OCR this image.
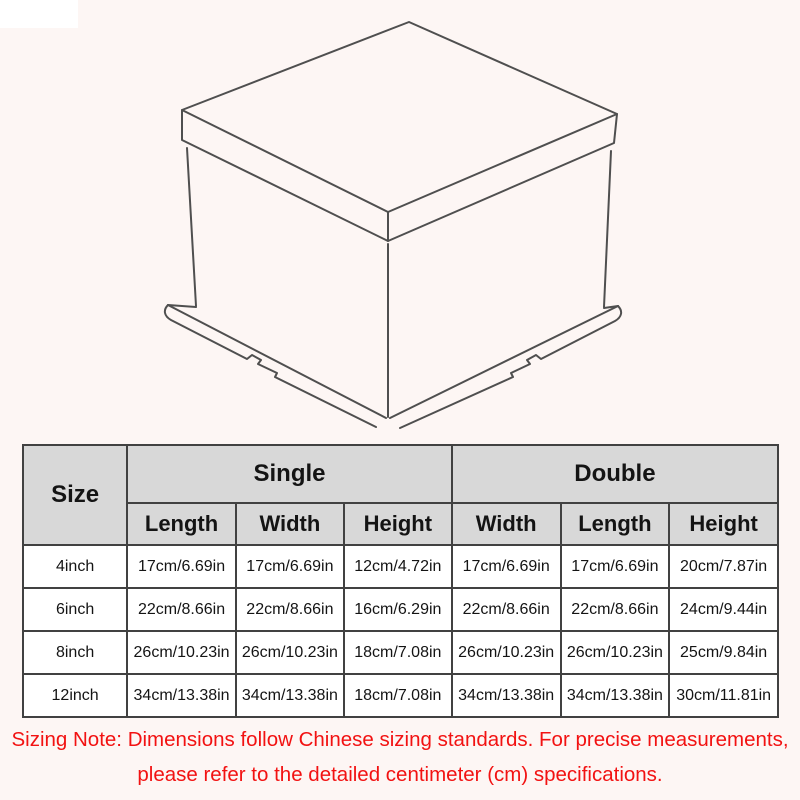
Size	Single			Double		
	Length	Width	Height	Width	Length	Height
4inch	17cm/6.69in	17cm/6.69in	12cm/4.72in	17cm/6.69in	17cm/6.69in	20cm/7.87in
6inch	22cm/8.66in	22cm/8.66in	16cm/6.29in	22cm/8.66in	22cm/8.66in	24cm/9.44in
8inch	26cm/10.23in	26cm/10.23in	18cm/7.08in	26cm/10.23in	26cm/10.23in	25cm/9.84in
12inch	34cm/13.38in	34cm/13.38in	18cm/7.08in	34cm/13.38in	34cm/13.38in	30cm/11.81in
Sizing Note: Dimensions follow Chinese sizing standards. For precise measurements,
please refer to the detailed centimeter (cm) specifications.
